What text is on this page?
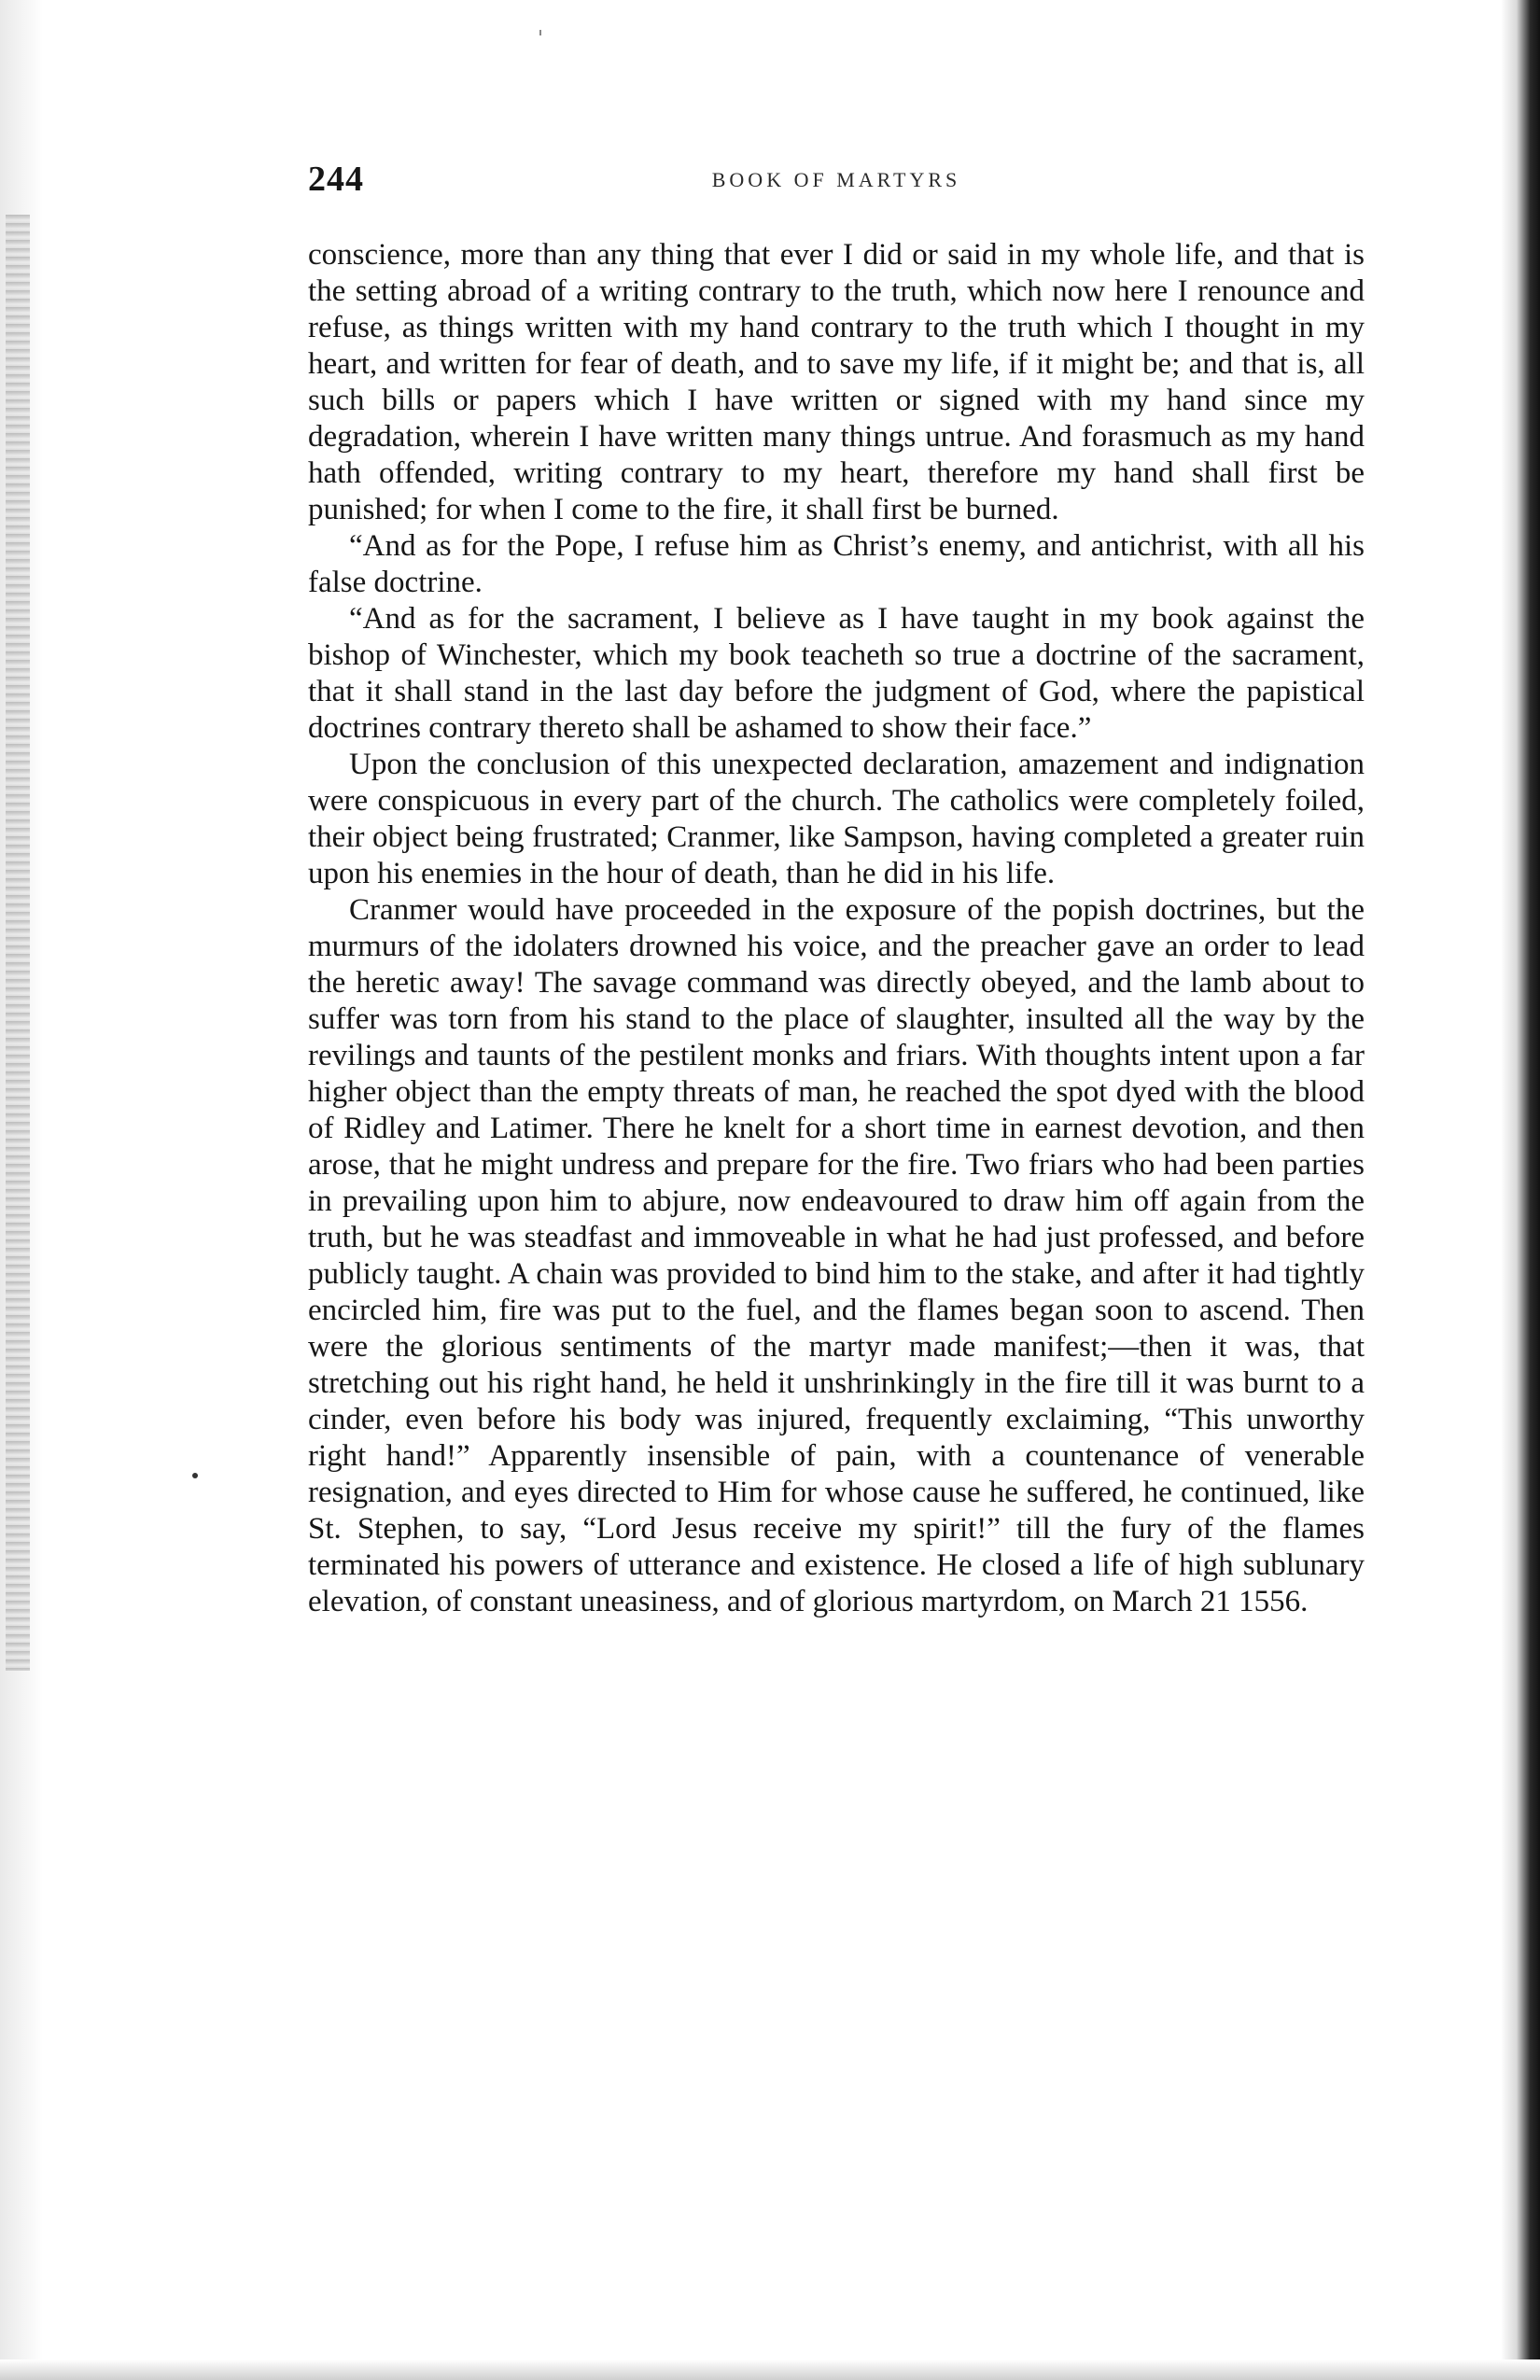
244	BOOK OF MARTYRS

conscience, more than any thing that ever I did or said in my whole life, and that is the setting abroad of a writing contrary to the truth, which now here I renounce and refuse, as things written with my hand contrary to the truth which I thought in my heart, and written for fear of death, and to save my life, if it might be; and that is, all such bills or papers which I have written or signed with my hand since my degradation, wherein I have written many things untrue. And forasmuch as my hand hath offended, writing contrary to my heart, therefore my hand shall first be punished; for when I come to the fire, it shall first be burned.

“And as for the Pope, I refuse him as Christ’s enemy, and antichrist, with all his false doctrine.

“And as for the sacrament, I believe as I have taught in my book against the bishop of Winchester, which my book teacheth so true a doctrine of the sacrament, that it shall stand in the last day before the judgment of God, where the papistical doctrines contrary thereto shall be ashamed to show their face.”

Upon the conclusion of this unexpected declaration, amazement and indignation were conspicuous in every part of the church. The catholics were completely foiled, their object being frustrated; Cranmer, like Sampson, having completed a greater ruin upon his enemies in the hour of death, than he did in his life.

Cranmer would have proceeded in the exposure of the popish doctrines, but the murmurs of the idolaters drowned his voice, and the preacher gave an order to lead the heretic away! The savage command was directly obeyed, and the lamb about to suffer was torn from his stand to the place of slaughter, insulted all the way by the revilings and taunts of the pestilent monks and friars. With thoughts intent upon a far higher object than the empty threats of man, he reached the spot dyed with the blood of Ridley and Latimer. There he knelt for a short time in earnest devotion, and then arose, that he might undress and prepare for the fire. Two friars who had been parties in prevailing upon him to abjure, now endeavoured to draw him off again from the truth, but he was steadfast and immoveable in what he had just professed, and before publicly taught. A chain was provided to bind him to the stake, and after it had tightly encircled him, fire was put to the fuel, and the flames began soon to ascend. Then were the glorious sentiments of the martyr made manifest;—then it was, that stretching out his right hand, he held it unshrinkingly in the fire till it was burnt to a cinder, even before his body was injured, frequently exclaiming, “This unworthy right hand!” Apparently insensible of pain, with a countenance of venerable resignation, and eyes directed to Him for whose cause he suffered, he continued, like St. Stephen, to say, “Lord Jesus receive my spirit!” till the fury of the flames terminated his powers of utterance and existence. He closed a life of high sublunary elevation, of constant uneasiness, and of glorious martyrdom, on March 21 1556.
